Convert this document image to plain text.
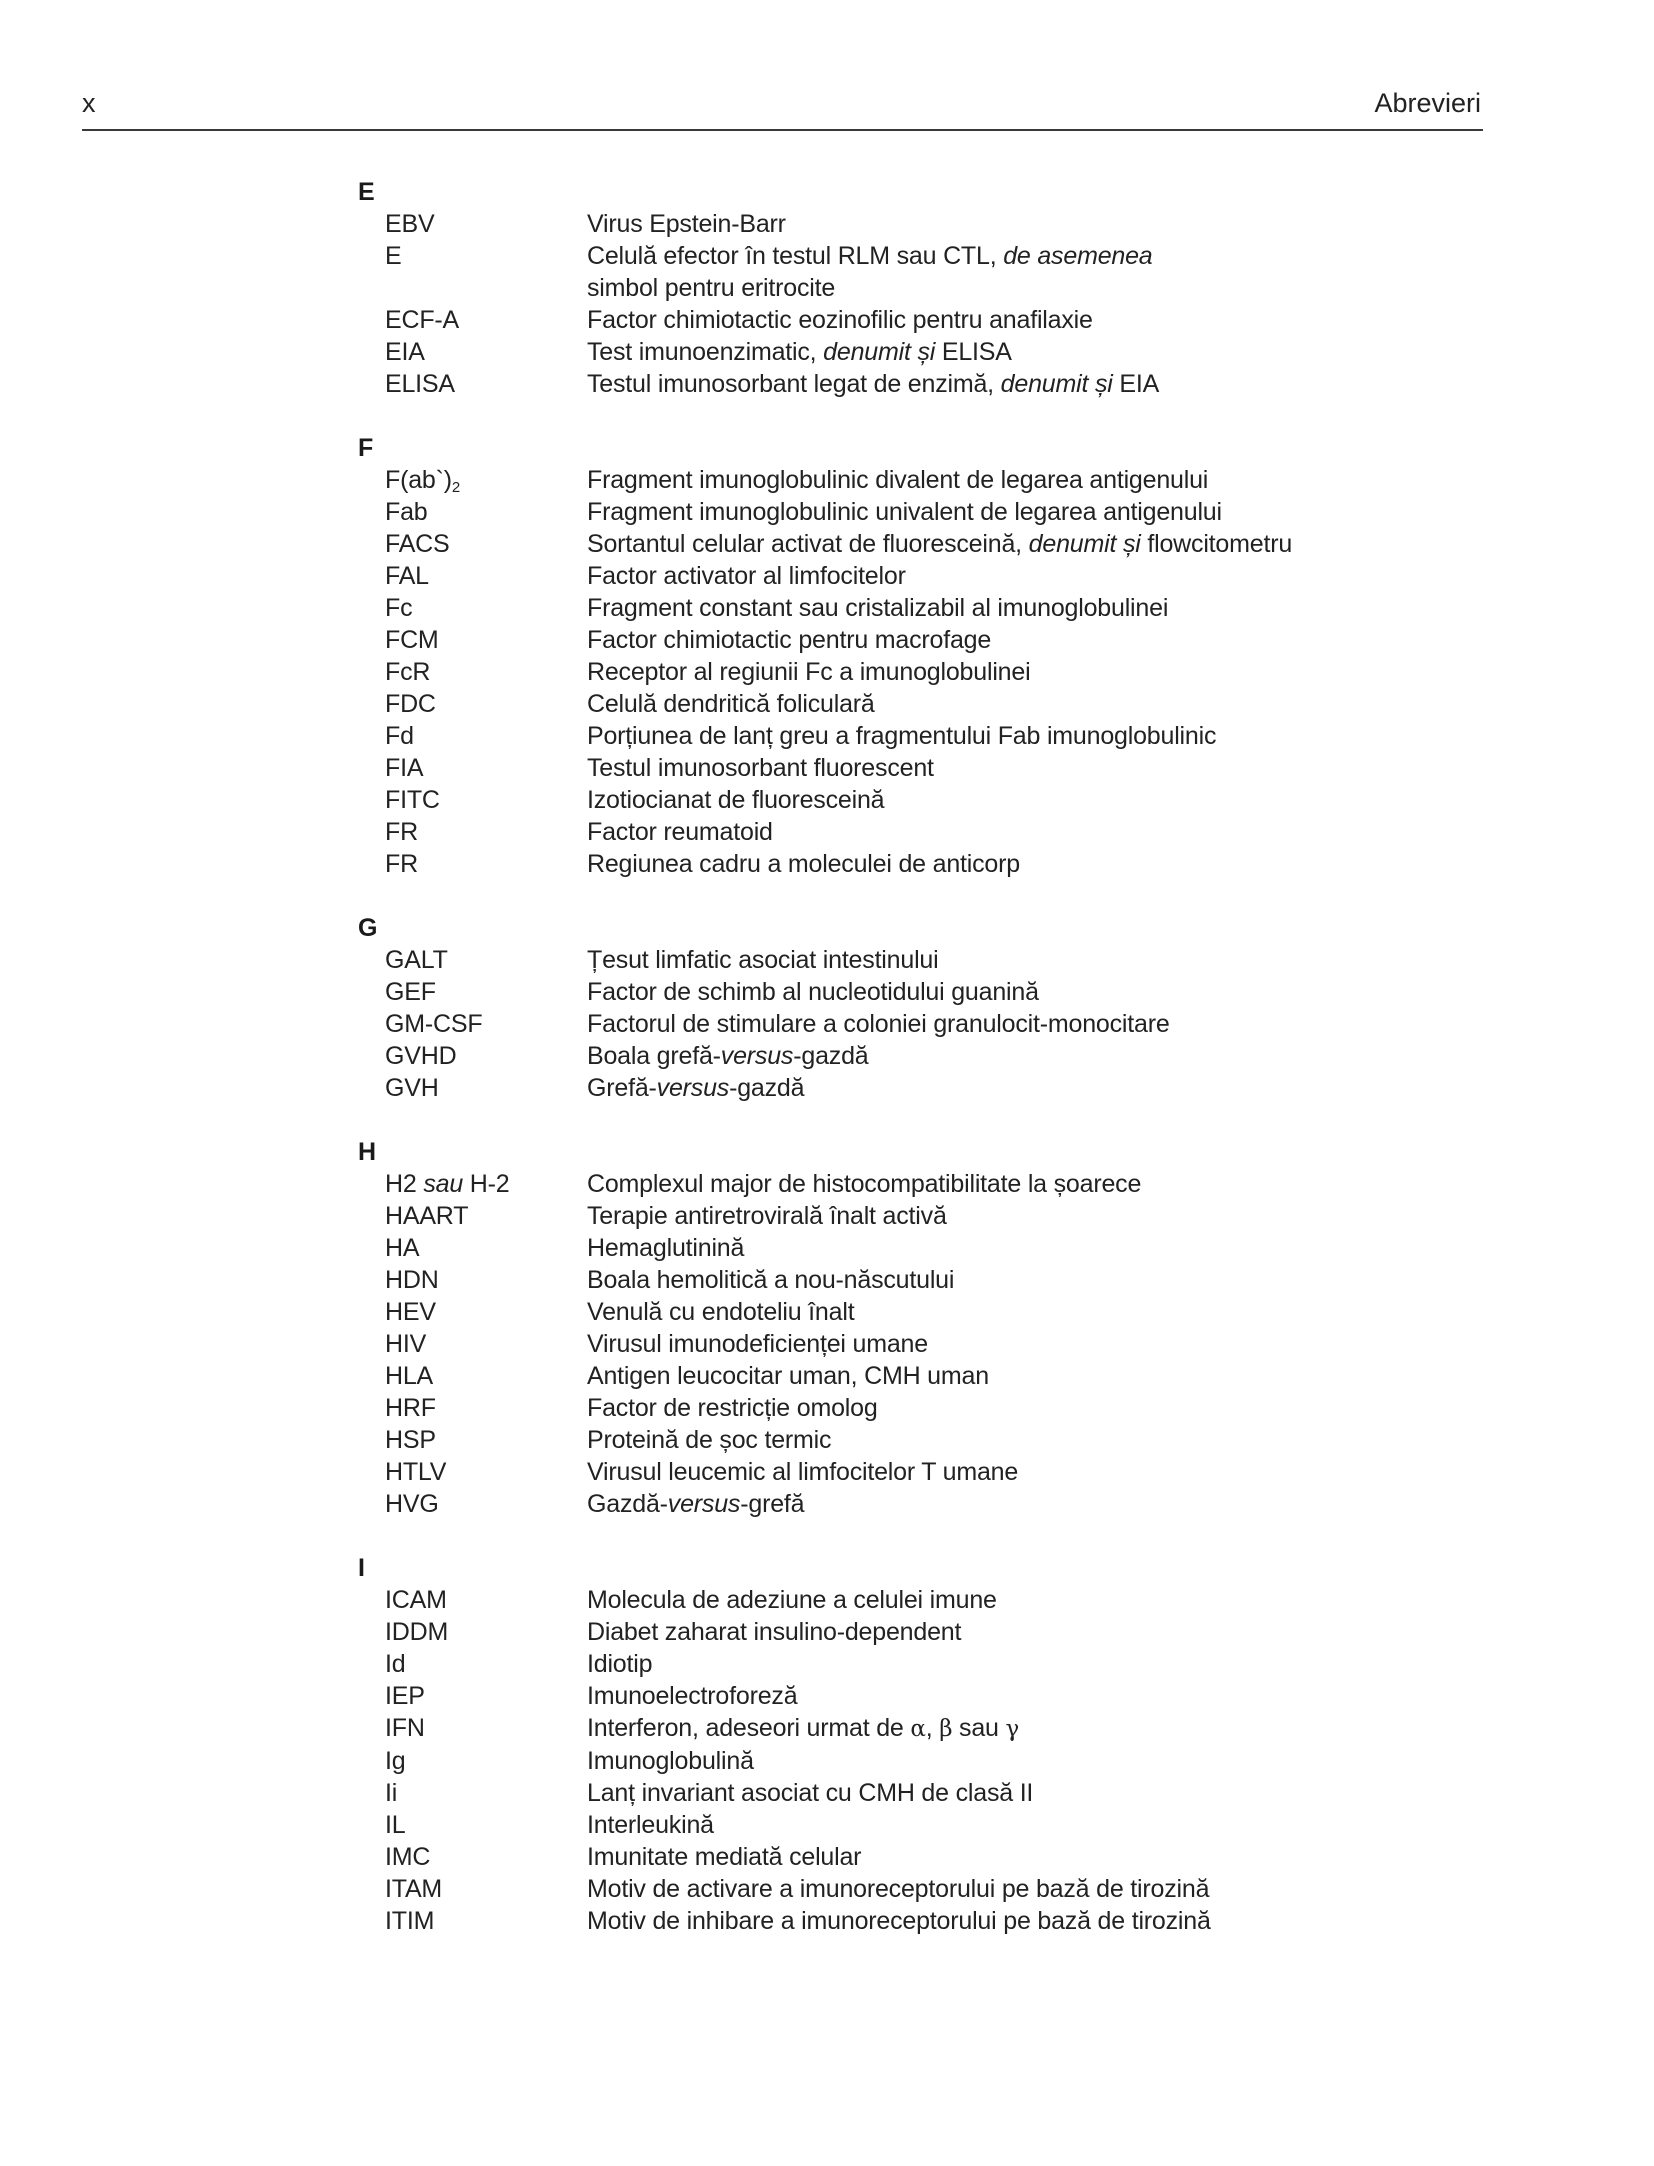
x	Abrevieri
E
EBV	Virus Epstein-Barr
E	Celulă efector în testul RLM sau CTL, de asemenea simbol pentru eritrocite
ECF-A	Factor chimiotactic eozinofilic pentru anafilaxie
EIA	Test imunoenzimatic, denumit și ELISA
ELISA	Testul imunosorbant legat de enzimă, denumit și EIA
F
$F(ab`)_2$	Fragment imunoglobulinic divalent de legarea antigenului
Fab	Fragment imunoglobulinic univalent de legarea antigenului
FACS	Sortantul celular activat de fluoresceină, denumit și flowcitometru
FAL	Factor activator al limfocitelor
Fc	Fragment constant sau cristalizabil al imunoglobulinei
FCM	Factor chimiotactic pentru macrofage
FcR	Receptor al regiunii Fc a imunoglobulinei
FDC	Celulă dendritică foliculară
Fd	Porțiunea de lanț greu a fragmentului Fab imunoglobulinic
FIA	Testul imunosorbant fluorescent
FITC	Izotiocianat de fluoresceină
FR	Factor reumatoid
FR	Regiunea cadru a moleculei de anticorp
G
GALT	Țesut limfatic asociat intestinului
GEF	Factor de schimb al nucleotidului guanină
GM-CSF	Factorul de stimulare a coloniei granulocit-monocitare
GVHD	Boala grefă-versus-gazdă
GVH	Grefă-versus-gazdă
H
H2 sau H-2	Complexul major de histocompatibilitate la șoarece
HAART	Terapie antiretrovirală înalt activă
HA	Hemaglutinină
HDN	Boala hemolitică a nou-născutului
HEV	Venulă cu endoteliu înalt
HIV	Virusul imunodeficienței umane
HLA	Antigen leucocitar uman, CMH uman
HRF	Factor de restricție omolog
HSP	Proteină de șoc termic
HTLV	Virusul leucemic al limfocitelor T umane
HVG	Gazdă-versus-grefă
I
ICAM	Molecula de adeziune a celulei imune
IDDM	Diabet zaharat insulino-dependent
Id	Idiotip
IEP	Imunoelectroforeză
IFN	Interferon, adeseori urmat de α, β sau γ
Ig	Imunoglobulină
Ii	Lanț invariant asociat cu CMH de clasă II
IL	Interleukină
IMC	Imunitate mediată celular
ITAM	Motiv de activare a imunoreceptorului pe bază de tirozină
ITIM	Motiv de inhibare a imunoreceptorului pe bază de tirozină
